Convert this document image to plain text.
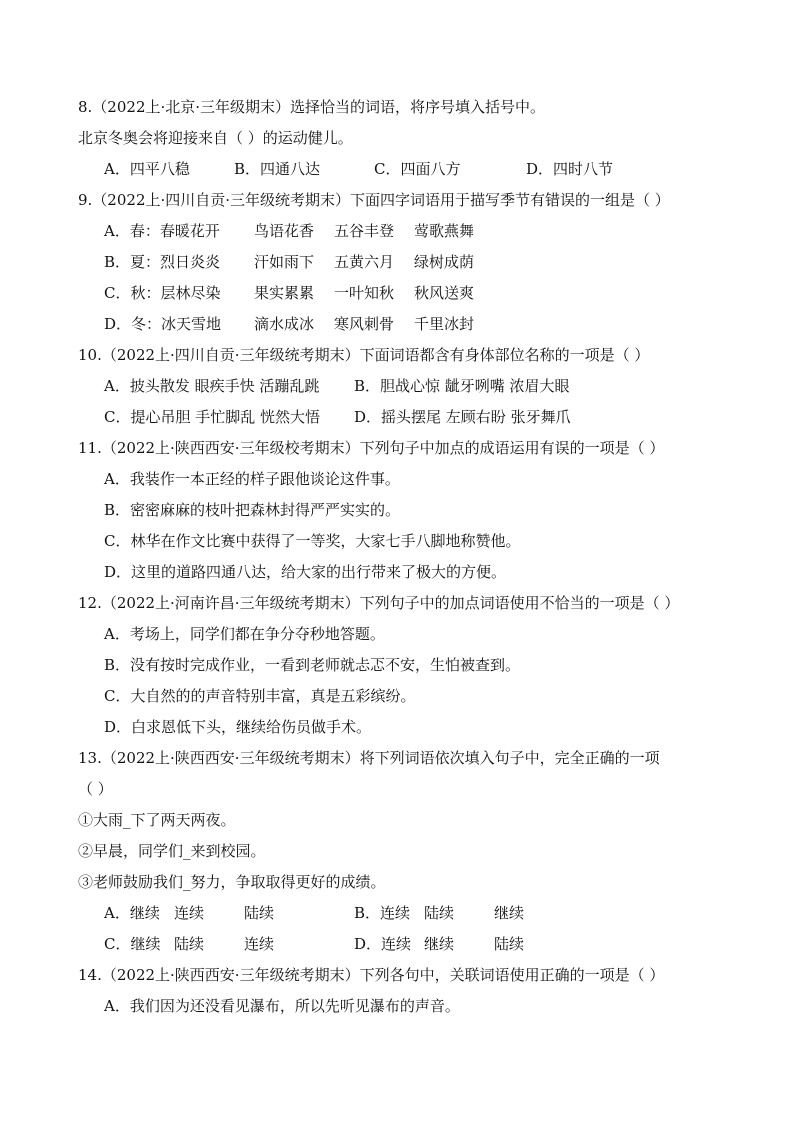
8.（2022上·北京·三年级期末）选择恰当的词语，将序号填入括号中。
北京冬奥会将迎接来自（ ）的运动健儿。
A．四平八稳	B．四通八达	C．四面八方	D．四时八节
9.（2022上·四川自贡·三年级统考期末）下面四字词语用于描写季节有错误的一组是（ ）
A．春：春暖花开	鸟语花香	五谷丰登	莺歌燕舞
B．夏：烈日炎炎	汗如雨下	五黄六月	绿树成荫
C．秋：层林尽染	果实累累	一叶知秋	秋风送爽
D．冬：冰天雪地	滴水成冰	寒风刺骨	千里冰封
10.（2022上·四川自贡·三年级统考期末）下面词语都含有身体部位名称的一项是（ ）
A．披头散发 眼疾手快 活蹦乱跳	B．胆战心惊 龇牙咧嘴 浓眉大眼
C．提心吊胆 手忙脚乱 恍然大悟	D．摇头摆尾 左顾右盼 张牙舞爪
11.（2022上·陕西西安·三年级校考期末）下列句子中加点的成语运用有误的一项是（ ）
A．我装作一本正经的样子跟他谈论这件事。
B．密密麻麻的枝叶把森林封得严严实实的。
C．林华在作文比赛中获得了一等奖，大家七手八脚地称赞他。
D．这里的道路四通八达，给大家的出行带来了极大的方便。
12.（2022上·河南许昌·三年级统考期末）下列句子中的加点词语使用不恰当的一项是（ ）
A．考场上，同学们都在争分夺秒地答题。
B．没有按时完成作业，一看到老师就忐忑不安，生怕被查到。
C．大自然的的声音特别丰富，真是五彩缤纷。
D．白求恩低下头，继续给伤员做手术。
13.（2022上·陕西西安·三年级统考期末）将下列词语依次填入句子中，完全正确的一项
（ ）
①大雨_下了两天两夜。
②早晨，同学们_来到校园。
③老师鼓励我们_努力，争取取得更好的成绩。
A．继续 连续	陆续	B．连续 陆续	继续
C．继续 陆续	连续	D．连续 继续	陆续
14.（2022上·陕西西安·三年级统考期末）下列各句中，关联词语使用正确的一项是（ ）
A．我们因为还没看见瀑布，所以先听见瀑布的声音。
